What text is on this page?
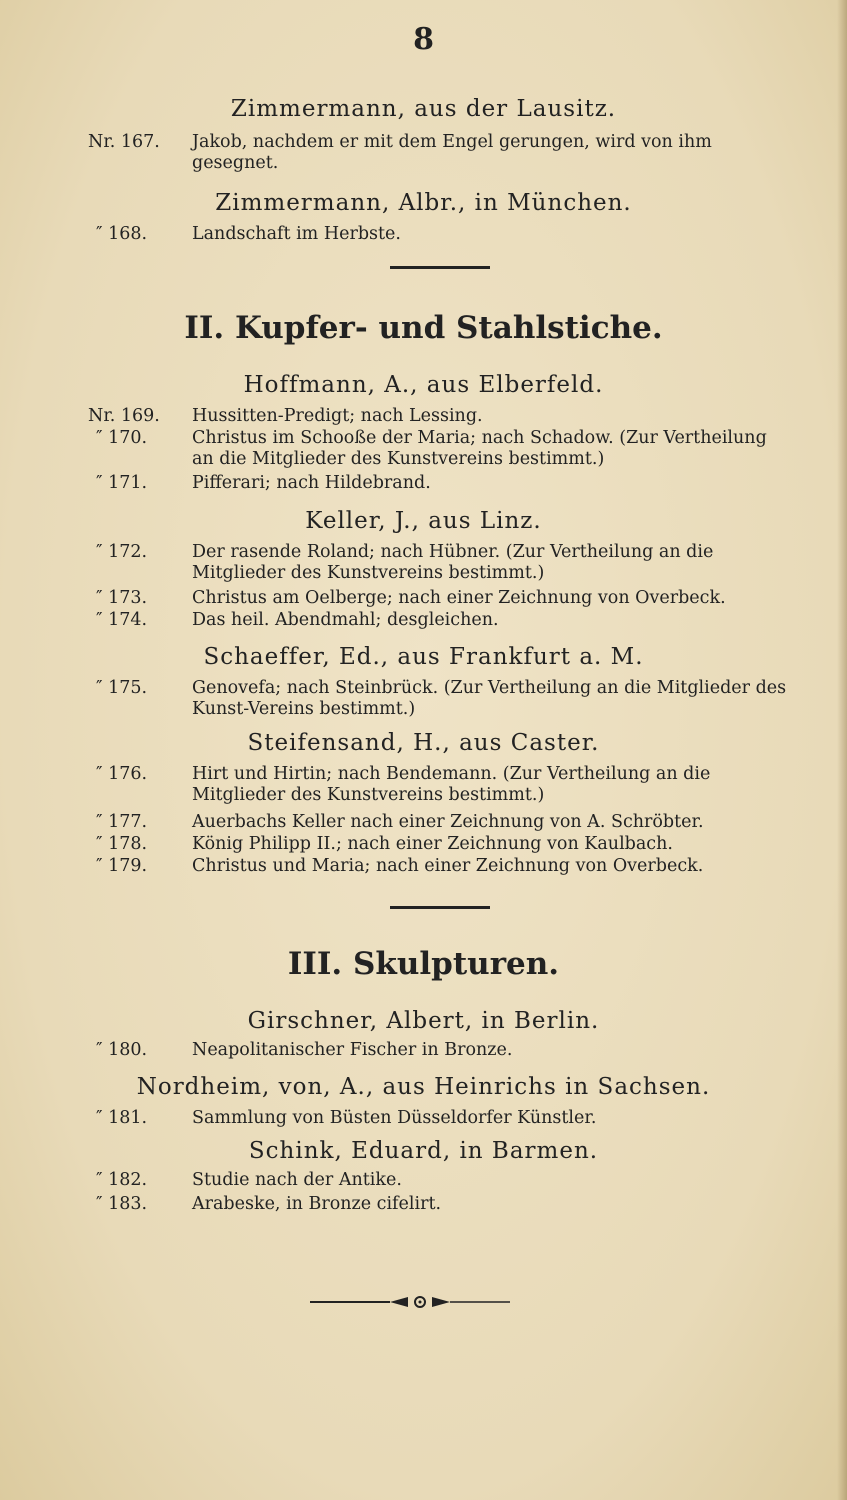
8
Zimmermann, aus der Lausitz.
Nr. 167.	Jakob, nachdem er mit dem Engel gerungen, wird von ihm gesegnet.
Zimmermann, Albr., in München.
″ 168.	Landschaft im Herbste.
II. Kupfer- und Stahlstiche.
Hoffmann, A., aus Elberfeld.
Nr. 169.	Hussitten-Predigt; nach Lessing.
″ 170.	Christus im Schooße der Maria; nach Schadow. (Zur Vertheilung an die Mitglieder des Kunstvereins bestimmt.)
″ 171.	Pifferari; nach Hildebrand.
Keller, J., aus Linz.
″ 172.	Der rasende Roland; nach Hübner. (Zur Vertheilung an die Mitglieder des Kunstvereins bestimmt.)
″ 173.	Christus am Oelberge; nach einer Zeichnung von Overbeck.
″ 174.	Das heil. Abendmahl; desgleichen.
Schaeffer, Ed., aus Frankfurt a. M.
″ 175.	Genovefa; nach Steinbrück. (Zur Vertheilung an die Mitglieder des Kunst-Vereins bestimmt.)
Steifensand, H., aus Caster.
″ 176.	Hirt und Hirtin; nach Bendemann. (Zur Vertheilung an die Mitglieder des Kunstvereins bestimmt.)
″ 177.	Auerbachs Keller nach einer Zeichnung von A. Schröbter.
″ 178.	König Philipp II.; nach einer Zeichnung von Kaulbach.
″ 179.	Christus und Maria; nach einer Zeichnung von Overbeck.
III. Skulpturen.
Girschner, Albert, in Berlin.
″ 180.	Neapolitanischer Fischer in Bronze.
Nordheim, von, A., aus Heinrichs in Sachsen.
″ 181.	Sammlung von Büsten Düsseldorfer Künstler.
Schink, Eduard, in Barmen.
″ 182.	Studie nach der Antike.
″ 183.	Arabeske, in Bronze cifelirt.
